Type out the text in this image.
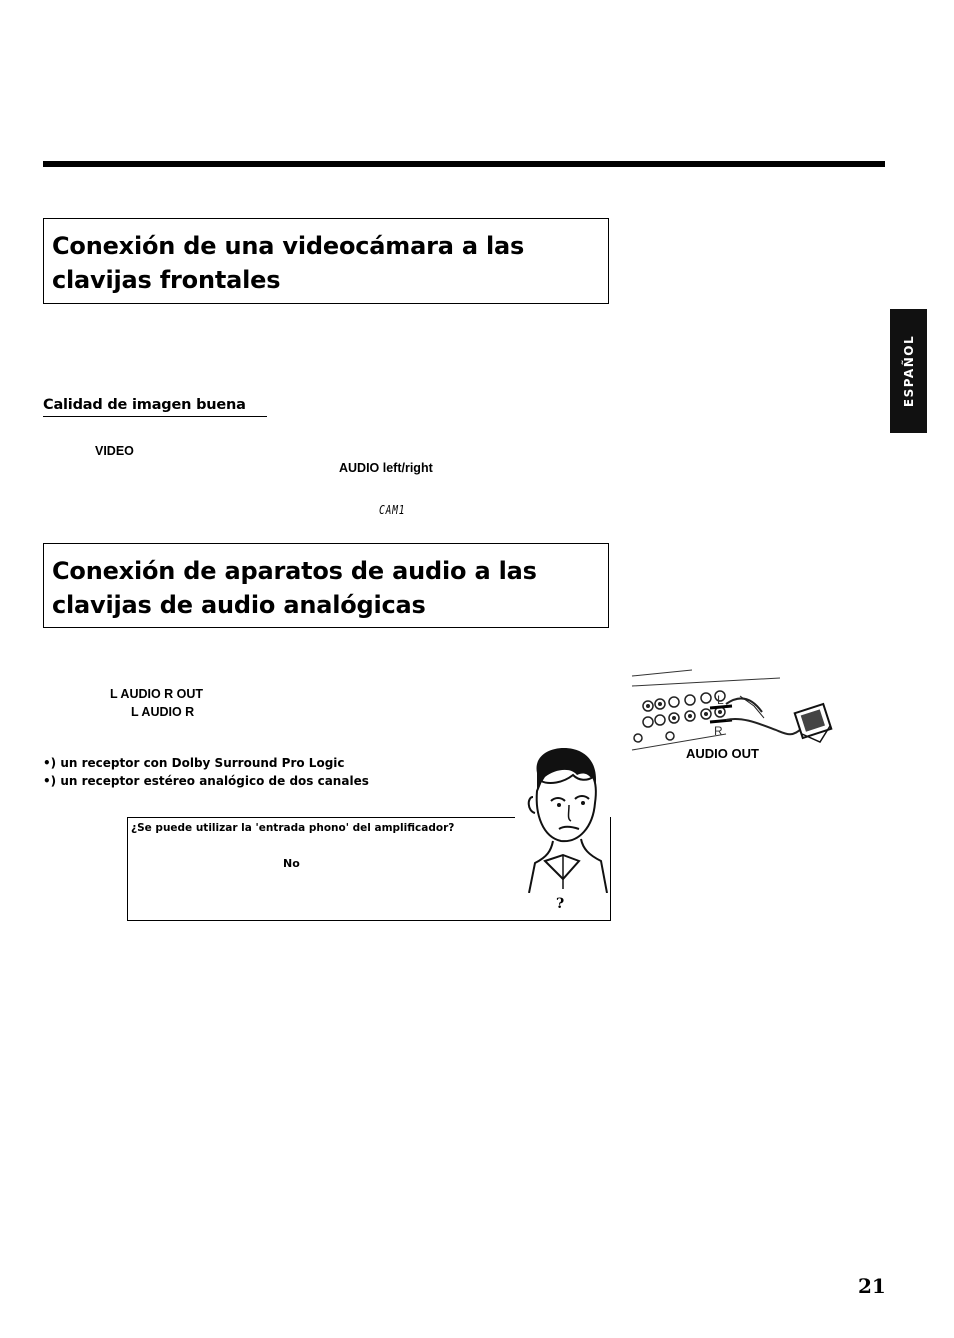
Conexión de una videocámara a las
clavijas frontales
Calidad de imagen buena
VIDEO
AUDIO left/right
CAM1
Conexión de aparatos de audio a las
clavijas de audio analógicas
L AUDIO R OUT
L AUDIO R
•) un receptor con Dolby Surround Pro Logic
•) un receptor estéreo analógico de dos canales
ESPAÑOL
¿Se puede utilizar la 'entrada phono' del amplificador?
No
?
L
R
AUDIO OUT
21
